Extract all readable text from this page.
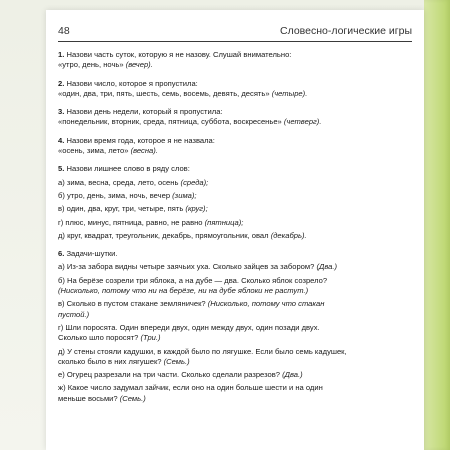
48	Словесно-логические игры
1. Назови часть суток, которую я не назову. Слушай внимательно:
«утро, день, ночь» (вечер).
2. Назови число, которое я пропустила:
«один, два, три, пять, шесть, семь, восемь, девять, десять» (четыре).
3. Назови день недели, который я пропустила:
«понедельник, вторник, среда, пятница, суббота, воскресенье» (четверг).
4. Назови время года, которое я не назвала:
«осень, зима, лето» (весна).
5. Назови лишнее слово в ряду слов:
а) зима, весна, среда, лето, осень (среда);
б) утро, день, зима, ночь, вечер (зима);
в) один, два, круг, три, четыре, пять (круг);
г) плюс, минус, пятница, равно, не равно (пятница);
д) круг, квадрат, треугольник, декабрь, прямоугольник, овал (декабрь).
6. Задачи-шутки.
а) Из-за забора видны четыре заячьих уха. Сколько зайцев за забором? (Два.)
б) На берёзе созрели три яблока, а на дубе — два. Сколько яблок созрело?
(Нисколько, потому что ни на берёзе, ни на дубе яблоки не растут.)
в) Сколько в пустом стакане земляничек? (Нисколько, потому что стакан
пустой.)
г) Шли поросята. Один впереди двух, один между двух, один позади двух.
Сколько шло поросят? (Три.)
д) У стены стояли кадушки, в каждой было по лягушке. Если было семь кадушек,
сколько было в них лягушек? (Семь.)
е) Огурец разрезали на три части. Сколько сделали разрезов? (Два.)
ж) Какое число задумал зайчик, если оно на один больше шести и на один
меньше восьми? (Семь.)
